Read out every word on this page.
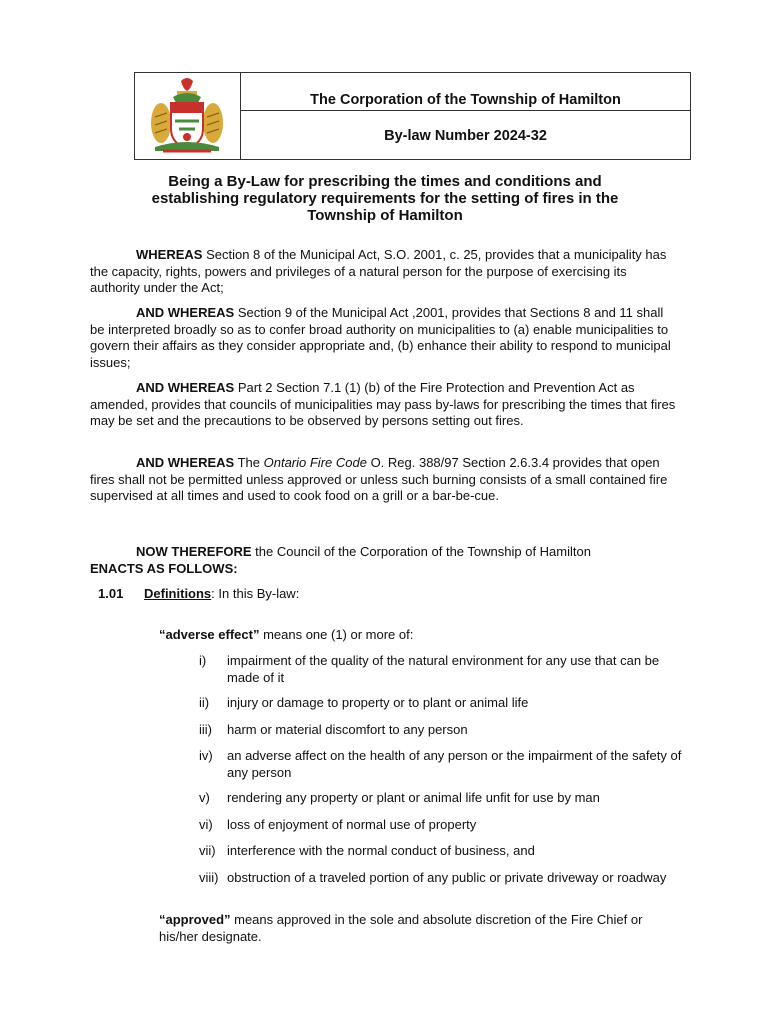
The Corporation of the Township of Hamilton
By-law Number 2024-32
Being a By-Law for prescribing the times and conditions and
establishing regulatory requirements for the setting of fires in the
Township of Hamilton
WHEREAS Section 8 of the Municipal Act, S.O. 2001, c. 25, provides that a municipality has the capacity, rights, powers and privileges of a natural person for the purpose of exercising its authority under the Act;
AND WHEREAS Section 9 of the Municipal Act ,2001, provides that Sections 8 and 11 shall be interpreted broadly so as to confer broad authority on municipalities to (a) enable municipalities to govern their affairs as they consider appropriate and, (b) enhance their ability to respond to municipal issues;
AND WHEREAS Part 2 Section 7.1 (1) (b) of the Fire Protection and Prevention Act as amended, provides that councils of municipalities may pass by-laws for prescribing the times that fires may be set and the precautions to be observed by persons setting out fires.
AND WHEREAS The Ontario Fire Code O. Reg. 388/97 Section 2.6.3.4 provides that open fires shall not be permitted unless approved or unless such burning consists of a small contained fire supervised at all times and used to cook food on a grill or a bar-be-cue.
NOW THEREFORE the Council of the Corporation of the Township of Hamilton
ENACTS AS FOLLOWS:
1.01 Definitions: In this By-law:
“adverse effect” means one (1) or more of:
i)	impairment of the quality of the natural environment for any use that can be made of it
ii)	injury or damage to property or to plant or animal life
iii)	harm or material discomfort to any person
iv)	an adverse affect on the health of any person or the impairment of the safety of any person
v)	rendering any property or plant or animal life unfit for use by man
vi)	loss of enjoyment of normal use of property
vii) interference with the normal conduct of business, and
viii) obstruction of a traveled portion of any public or private driveway or roadway
“approved” means approved in the sole and absolute discretion of the Fire Chief or his/her designate.
